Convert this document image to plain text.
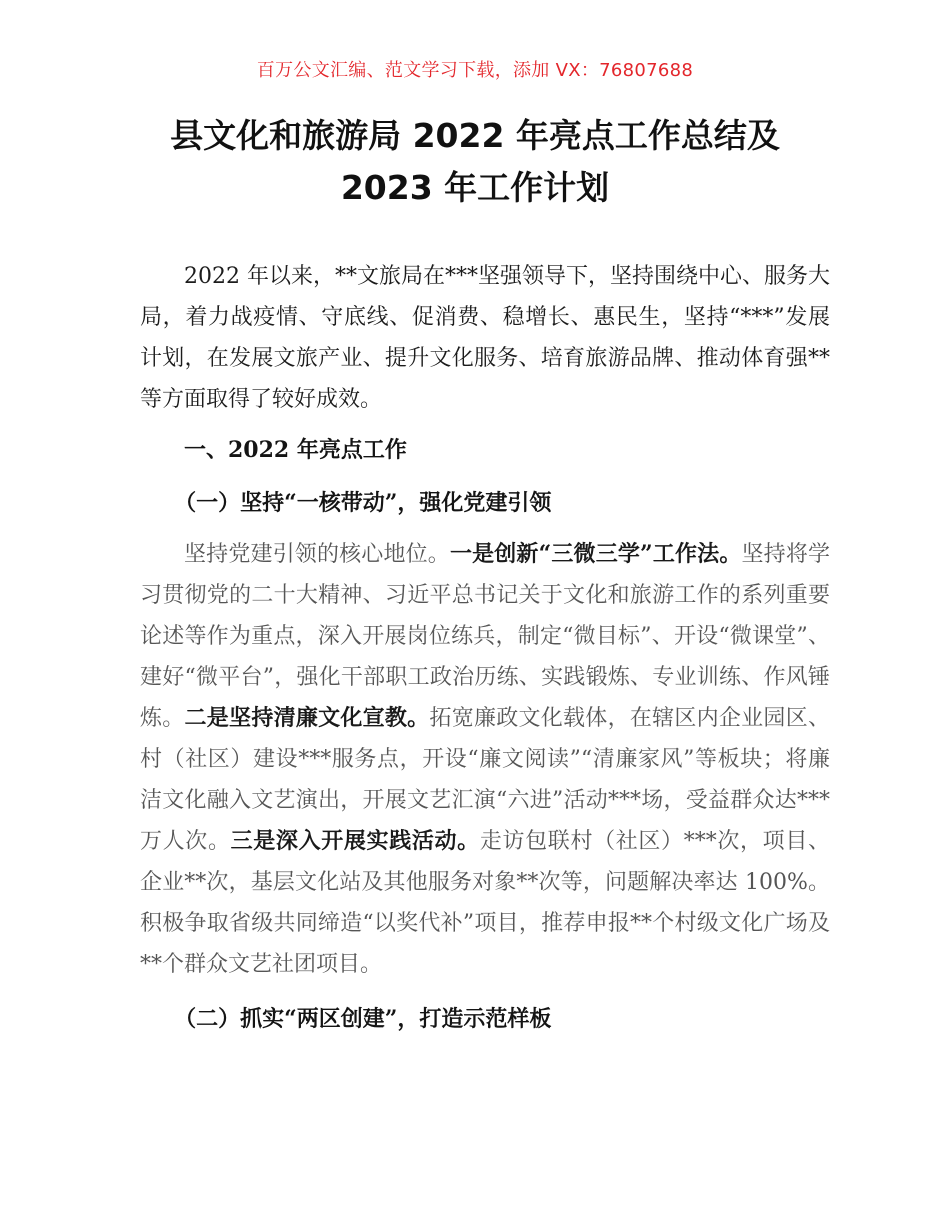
百万公文汇编、范文学习下载，添加 VX：76807688
县文化和旅游局 2022 年亮点工作总结及
2023 年工作计划

2022 年以来，**文旅局在***坚强领导下，坚持围绕中心、服务大局，着力战疫情、守底线、促消费、稳增长、惠民生，坚持“***”发展计划，在发展文旅产业、提升文化服务、培育旅游品牌、推动体育强**等方面取得了较好成效。

一、2022 年亮点工作

（一）坚持“一核带动”，强化党建引领

坚持党建引领的核心地位。一是创新“三微三学”工作法。坚持将学习贯彻党的二十大精神、习近平总书记关于文化和旅游工作的系列重要论述等作为重点，深入开展岗位练兵，制定“微目标”、开设“微课堂”、建好“微平台”，强化干部职工政治历练、实践锻炼、专业训练、作风锤炼。二是坚持清廉文化宣教。拓宽廉政文化载体，在辖区内企业园区、村（社区）建设***服务点，开设“廉文阅读”“清廉家风”等板块；将廉洁文化融入文艺演出，开展文艺汇演“六进”活动***场，受益群众达***万人次。三是深入开展实践活动。走访包联村（社区）***次，项目、企业**次，基层文化站及其他服务对象**次等，问题解决率达 100%。积极争取省级共同缔造“以奖代补”项目，推荐申报**个村级文化广场及**个群众文艺社团项目。

（二）抓实“两区创建”，打造示范样板
